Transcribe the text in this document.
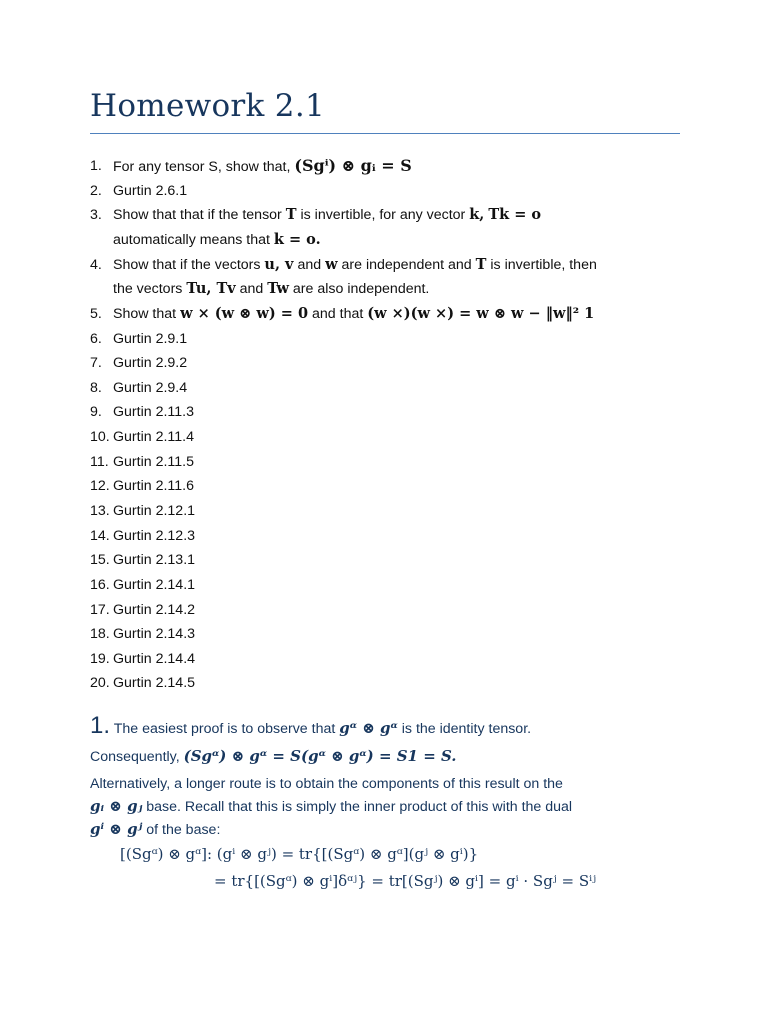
Homework 2.1
1. For any tensor S, show that, (Sgⁱ) ⊗ gᵢ = S
2. Gurtin 2.6.1
3. Show that that if the tensor T is invertible, for any vector k, Tk = o
automatically means that k = o.
4. Show that if the vectors u, v and w are independent and T is invertible, then
the vectors Tu, Tv and Tw are also independent.
5. Show that w × (w ⊗ w) = 0 and that (w ×)(w ×) = w ⊗ w − ‖w‖² 1
6. Gurtin 2.9.1
7. Gurtin 2.9.2
8. Gurtin 2.9.4
9. Gurtin 2.11.3
10. Gurtin 2.11.4
11. Gurtin 2.11.5
12. Gurtin 2.11.6
13. Gurtin 2.12.1
14. Gurtin 2.12.3
15. Gurtin 2.13.1
16. Gurtin 2.14.1
17. Gurtin 2.14.2
18. Gurtin 2.14.3
19. Gurtin 2.14.4
20. Gurtin 2.14.5
1. The easiest proof is to observe that gᵅ ⊗ gᵅ is the identity tensor.
Consequently, (Sgᵅ) ⊗ gᵅ = S(gᵅ ⊗ gᵅ) = S1 = S.
Alternatively, a longer route is to obtain the components of this result on the
gᵢ ⊗ gⱼ base. Recall that this is simply the inner product of this with the dual
gⁱ ⊗ gʲ of the base:
[(Sgᵅ) ⊗ gᵅ]: (gⁱ ⊗ gʲ) = tr{[(Sgᵅ) ⊗ gᵅ](gʲ ⊗ gⁱ)}
= tr{[(Sgᵅ) ⊗ gⁱ]δᵅʲ} = tr[(Sgʲ) ⊗ gⁱ] = gⁱ · Sgʲ = Sⁱʲ
